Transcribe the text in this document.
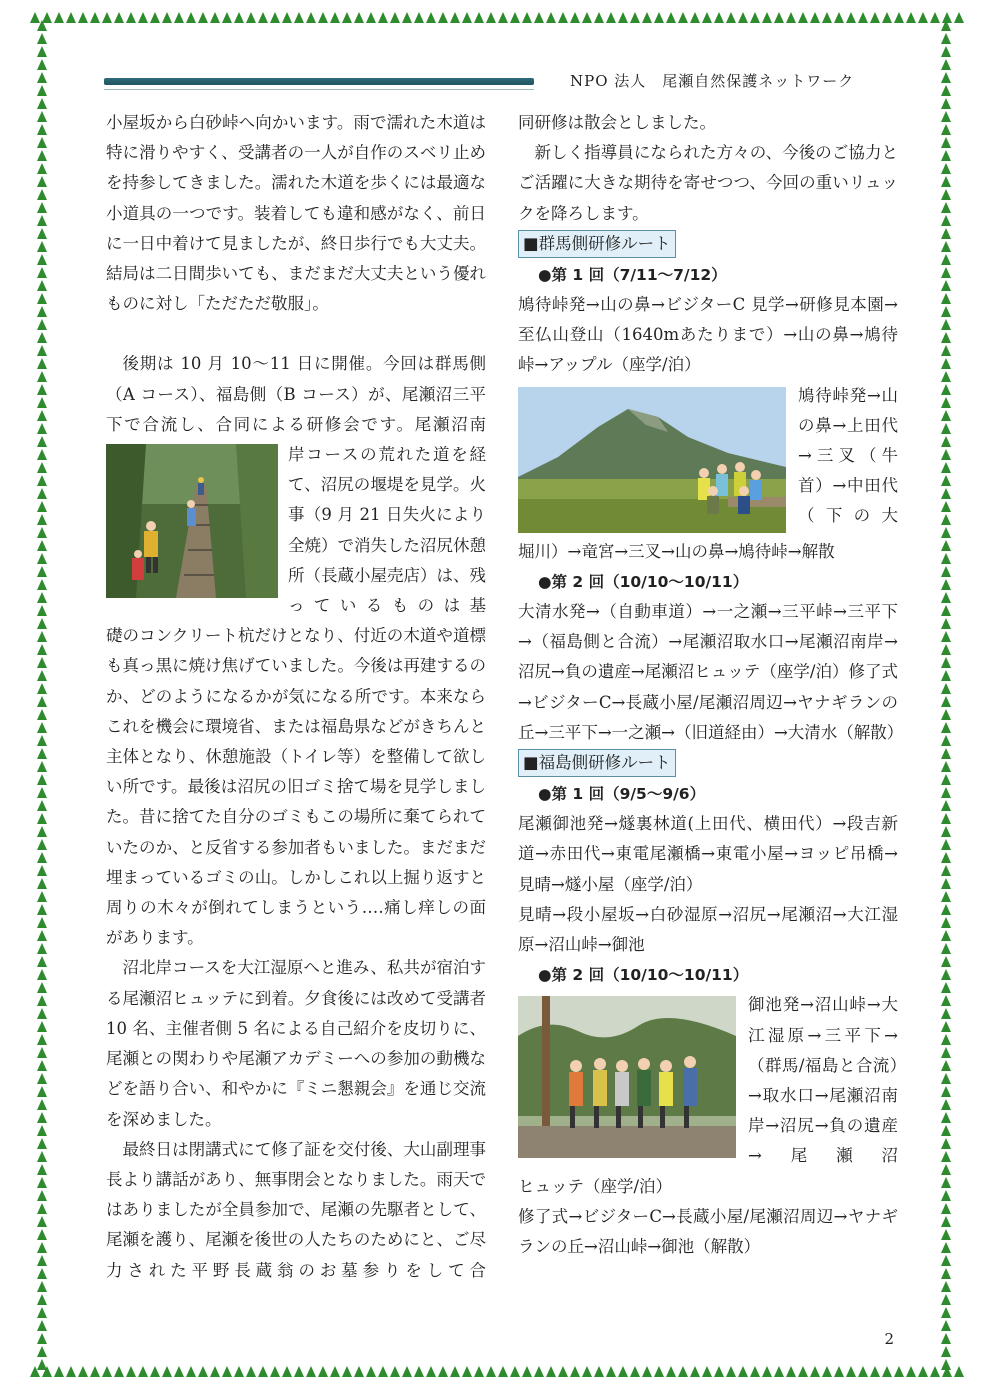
NPO 法人　尾瀬自然保護ネットワーク

小屋坂から白砂峠へ向かいます。雨で濡れた木道は特に滑りやすく、受講者の一人が自作のスベリ止めを持参してきました。濡れた木道を歩くには最適な小道具の一つです。装着しても違和感がなく、前日に一日中着けて見ましたが、終日歩行でも大丈夫。結局は二日間歩いても、まだまだ大丈夫という優れものに対し「ただただ敬服」。

後期は 10 月 10〜11 日に開催。今回は群馬側（A コース）、福島側（B コース）が、尾瀬沼三平下で合流し、合同による研修会です。尾瀬沼南

岸コースの荒れた道を経て、沼尻の堰堤を見学。火事（9 月 21 日失火により全焼）で消失した沼尻休憩所（長蔵小屋売店）は、残っているものは基

礎のコンクリート杭だけとなり、付近の木道や道標も真っ黒に焼け焦げていました。今後は再建するのか、どのようになるかが気になる所です。本来ならこれを機会に環境省、または福島県などがきちんと主体となり、休憩施設（トイレ等）を整備して欲しい所です。最後は沼尻の旧ゴミ捨て場を見学しました。昔に捨てた自分のゴミもこの場所に棄てられていたのか、と反省する参加者もいました。まだまだ埋まっているゴミの山。しかしこれ以上掘り返すと周りの木々が倒れてしまうという‥‥痛し痒しの面があります。

沼北岸コースを大江湿原へと進み、私共が宿泊する尾瀬沼ヒュッテに到着。夕食後には改めて受講者 10 名、主催者側 5 名による自己紹介を皮切りに、尾瀬との関わりや尾瀬アカデミーへの参加の動機などを語り合い、和やかに『ミニ懇親会』を通じ交流を深めました。

最終日は閉講式にて修了証を交付後、大山副理事長より講話があり、無事閉会となりました。雨天ではありましたが全員参加で、尾瀬の先駆者として、尾瀬を護り、尾瀬を後世の人たちのためにと、ご尽力された平野長蔵翁のお墓参りをして合

同研修は散会としました。

新しく指導員になられた方々の、今後のご協力とご活躍に大きな期待を寄せつつ、今回の重いリュックを降ろします。

■群馬側研修ルート

●第 1 回（7/11〜7/12）

鳩待峠発→山の鼻→ビジターC 見学→研修見本園→至仏山登山（1640mあたりまで）→山の鼻→鳩待峠→アップル（座学/泊）

鳩待峠発→山の鼻→上田代→三叉（牛首）→中田代（下の大

堀川）→竜宮→三叉→山の鼻→鳩待峠→解散

●第 2 回（10/10〜10/11）

大清水発→（自動車道）→一之瀬→三平峠→三平下→（福島側と合流）→尾瀬沼取水口→尾瀬沼南岸→沼尻→負の遺産→尾瀬沼ヒュッテ（座学/泊）修了式→ビジターC→長蔵小屋/尾瀬沼周辺→ヤナギランの丘→三平下→一之瀬→（旧道経由）→大清水（解散）

■福島側研修ルート

●第 1 回（9/5〜9/6）

尾瀬御池発→燧裏林道(上田代、横田代）→段吉新道→赤田代→東電尾瀬橋→東電小屋→ヨッピ吊橋→見晴→燧小屋（座学/泊）

見晴→段小屋坂→白砂湿原→沼尻→尾瀬沼→大江湿原→沼山峠→御池

●第 2 回（10/10〜10/11）

御池発→沼山峠→大江湿原→三平下→（群馬/福島と合流）→取水口→尾瀬沼南岸→沼尻→負の遺産→尾瀬沼

ヒュッテ（座学/泊）

修了式→ビジターC→長蔵小屋/尾瀬沼周辺→ヤナギランの丘→沼山峠→御池（解散）

2
